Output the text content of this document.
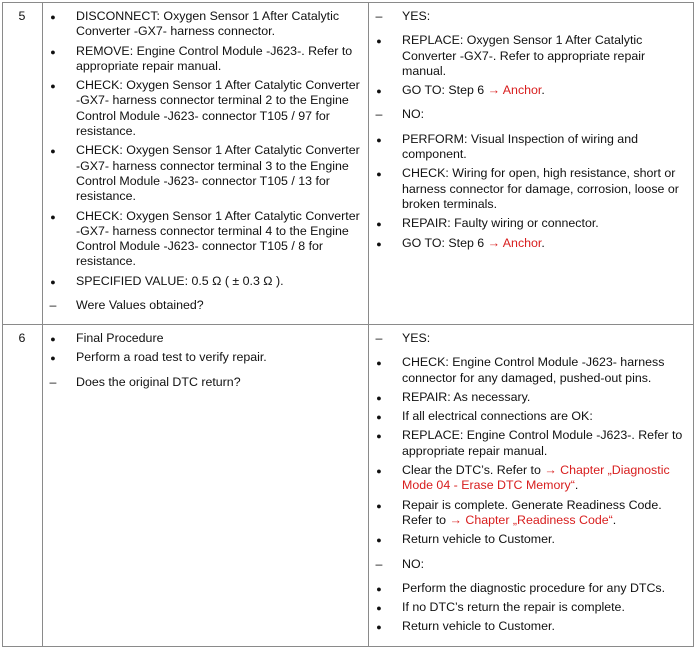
5	● DISCONNECT: Oxygen Sensor 1 After Catalytic Converter -GX7- harness connector.
● REMOVE: Engine Control Module -J623-. Refer to appropriate repair manual.
● CHECK: Oxygen Sensor 1 After Catalytic Converter -GX7- harness connector terminal 2 to the Engine Control Module -J623- connector T105 / 97 for resistance.
● CHECK: Oxygen Sensor 1 After Catalytic Converter -GX7- harness connector terminal 3 to the Engine Control Module -J623- connector T105 / 13 for resistance.
● CHECK: Oxygen Sensor 1 After Catalytic Converter -GX7- harness connector terminal 4 to the Engine Control Module -J623- connector T105 / 8 for resistance.
● SPECIFIED VALUE: 0.5 Ω ( ± 0.3 Ω ).
– Were Values obtained?
– YES:
● REPLACE: Oxygen Sensor 1 After Catalytic Converter -GX7-. Refer to appropriate repair manual.
● GO TO: Step 6 → Anchor.
– NO:
● PERFORM: Visual Inspection of wiring and component.
● CHECK: Wiring for open, high resistance, short or harness connector for damage, corrosion, loose or broken terminals.
● REPAIR: Faulty wiring or connector.
● GO TO: Step 6 → Anchor.
6	● Final Procedure
● Perform a road test to verify repair.
– Does the original DTC return?
– YES:
● CHECK: Engine Control Module -J623- harness connector for any damaged, pushed-out pins.
● REPAIR: As necessary.
● If all electrical connections are OK:
● REPLACE: Engine Control Module -J623-. Refer to appropriate repair manual.
● Clear the DTC’s. Refer to → Chapter „Diagnostic Mode 04 - Erase DTC Memory“.
● Repair is complete. Generate Readiness Code. Refer to → Chapter „Readiness Code“.
● Return vehicle to Customer.
– NO:
● Perform the diagnostic procedure for any DTCs.
● If no DTC’s return the repair is complete.
● Return vehicle to Customer.
